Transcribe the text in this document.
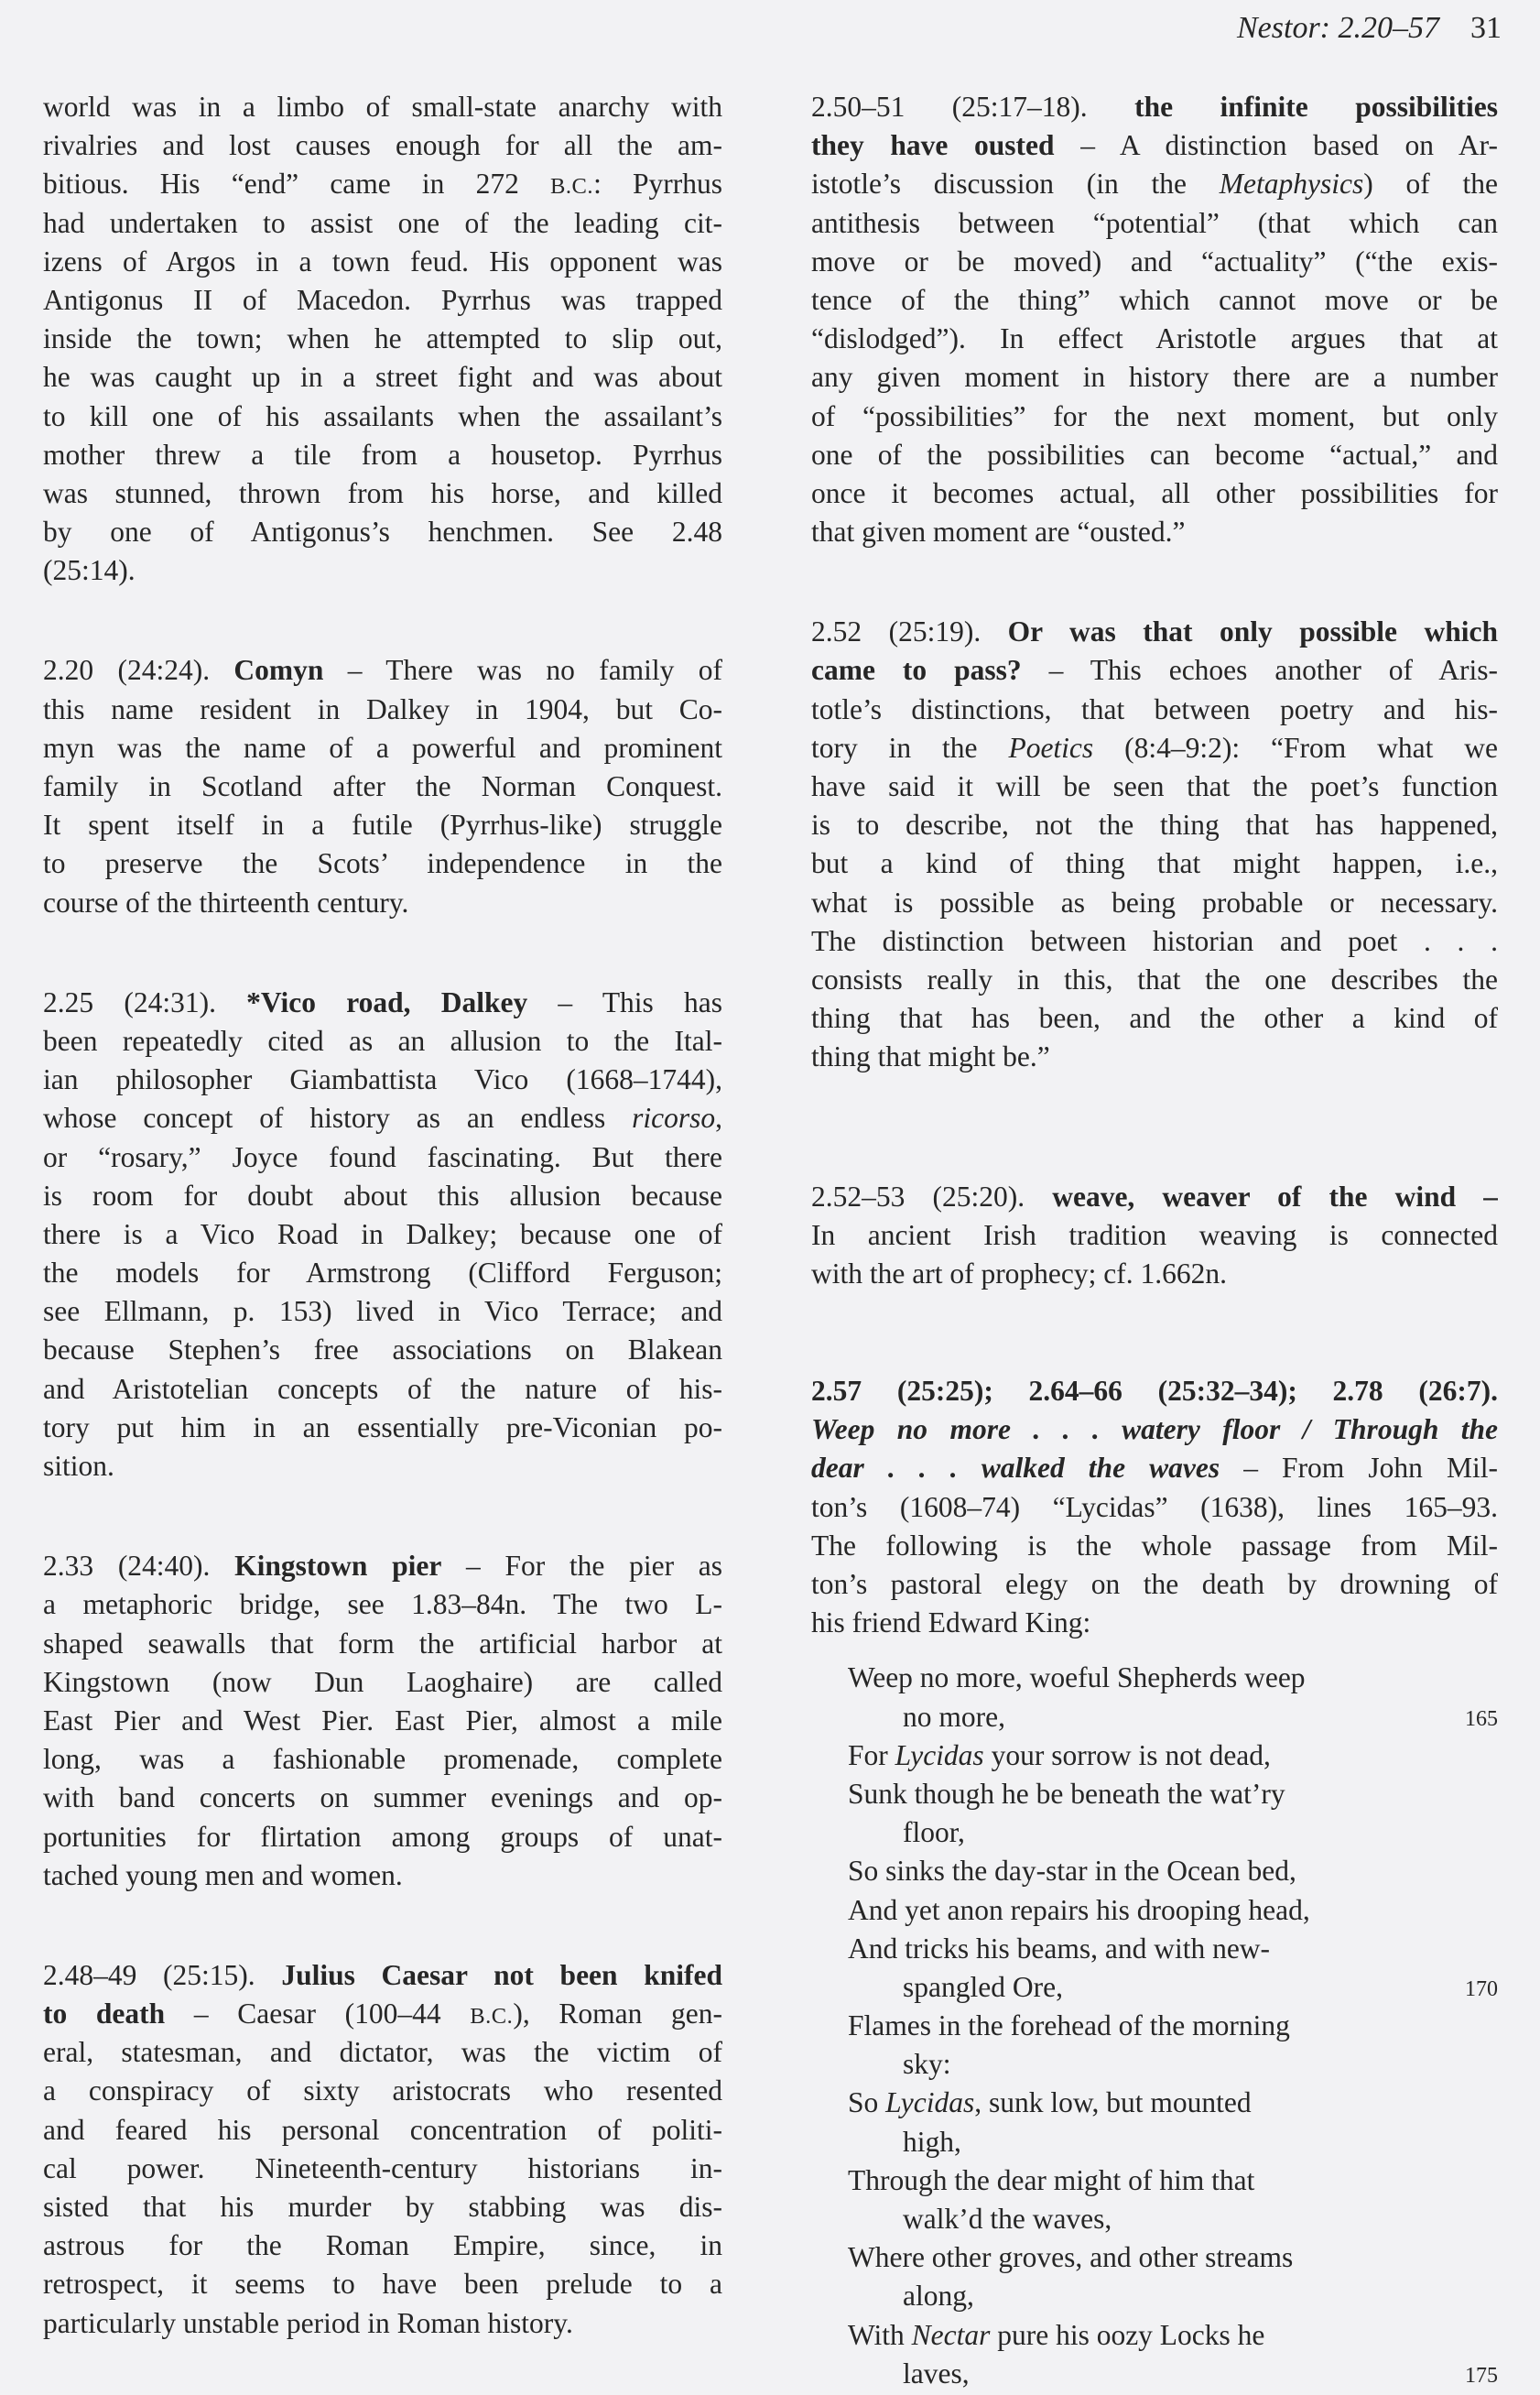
Nestor: 2.20–57 31
world was in a limbo of small-state anarchy with
rivalries and lost causes enough for all the am-
bitious. His “end” came in 272 B.C.: Pyrrhus
had undertaken to assist one of the leading cit-
izens of Argos in a town feud. His opponent was
Antigonus II of Macedon. Pyrrhus was trapped
inside the town; when he attempted to slip out,
he was caught up in a street fight and was about
to kill one of his assailants when the assailant’s
mother threw a tile from a housetop. Pyrrhus
was stunned, thrown from his horse, and killed
by one of Antigonus’s henchmen. See 2.48
(25:14).
2.20 (24:24). Comyn – There was no family of
this name resident in Dalkey in 1904, but Co-
myn was the name of a powerful and prominent
family in Scotland after the Norman Conquest.
It spent itself in a futile (Pyrrhus-like) struggle
to preserve the Scots’ independence in the
course of the thirteenth century.
2.25 (24:31). *Vico road, Dalkey – This has
been repeatedly cited as an allusion to the Ital-
ian philosopher Giambattista Vico (1668–1744),
whose concept of history as an endless ricorso,
or “rosary,” Joyce found fascinating. But there
is room for doubt about this allusion because
there is a Vico Road in Dalkey; because one of
the models for Armstrong (Clifford Ferguson;
see Ellmann, p. 153) lived in Vico Terrace; and
because Stephen’s free associations on Blakean
and Aristotelian concepts of the nature of his-
tory put him in an essentially pre-Viconian po-
sition.
2.33 (24:40). Kingstown pier – For the pier as
a metaphoric bridge, see 1.83–84n. The two L-
shaped seawalls that form the artificial harbor at
Kingstown (now Dun Laoghaire) are called
East Pier and West Pier. East Pier, almost a mile
long, was a fashionable promenade, complete
with band concerts on summer evenings and op-
portunities for flirtation among groups of unat-
tached young men and women.
2.48–49 (25:15). Julius Caesar not been knifed
to death – Caesar (100–44 B.C.), Roman gen-
eral, statesman, and dictator, was the victim of
a conspiracy of sixty aristocrats who resented
and feared his personal concentration of politi-
cal power. Nineteenth-century historians in-
sisted that his murder by stabbing was dis-
astrous for the Roman Empire, since, in
retrospect, it seems to have been prelude to a
particularly unstable period in Roman history.
2.50–51 (25:17–18). the infinite possibilities
they have ousted – A distinction based on Ar-
istotle’s discussion (in the Metaphysics) of the
antithesis between “potential” (that which can
move or be moved) and “actuality” (“the exis-
tence of the thing” which cannot move or be
“dislodged”). In effect Aristotle argues that at
any given moment in history there are a number
of “possibilities” for the next moment, but only
one of the possibilities can become “actual,” and
once it becomes actual, all other possibilities for
that given moment are “ousted.”
2.52 (25:19). Or was that only possible which
came to pass? – This echoes another of Aris-
totle’s distinctions, that between poetry and his-
tory in the Poetics (8:4–9:2): “From what we
have said it will be seen that the poet’s function
is to describe, not the thing that has happened,
but a kind of thing that might happen, i.e.,
what is possible as being probable or necessary.
The distinction between historian and poet . . .
consists really in this, that the one describes the
thing that has been, and the other a kind of
thing that might be.”
2.52–53 (25:20). weave, weaver of the wind –
In ancient Irish tradition weaving is connected
with the art of prophecy; cf. 1.662n.
2.57 (25:25); 2.64–66 (25:32–34); 2.78 (26:7).
Weep no more . . . watery floor / Through the
dear . . . walked the waves – From John Mil-
ton’s (1608–74) “Lycidas” (1638), lines 165–93.
The following is the whole passage from Mil-
ton’s pastoral elegy on the death by drowning of
his friend Edward King:
Weep no more, woeful Shepherds weep
no more,	165
For Lycidas your sorrow is not dead,
Sunk though he be beneath the wat’ry
floor,
So sinks the day-star in the Ocean bed,
And yet anon repairs his drooping head,
And tricks his beams, and with new-
spangled Ore,	170
Flames in the forehead of the morning
sky:
So Lycidas, sunk low, but mounted
high,
Through the dear might of him that
walk’d the waves,
Where other groves, and other streams
along,
With Nectar pure his oozy Locks he
laves,	175
